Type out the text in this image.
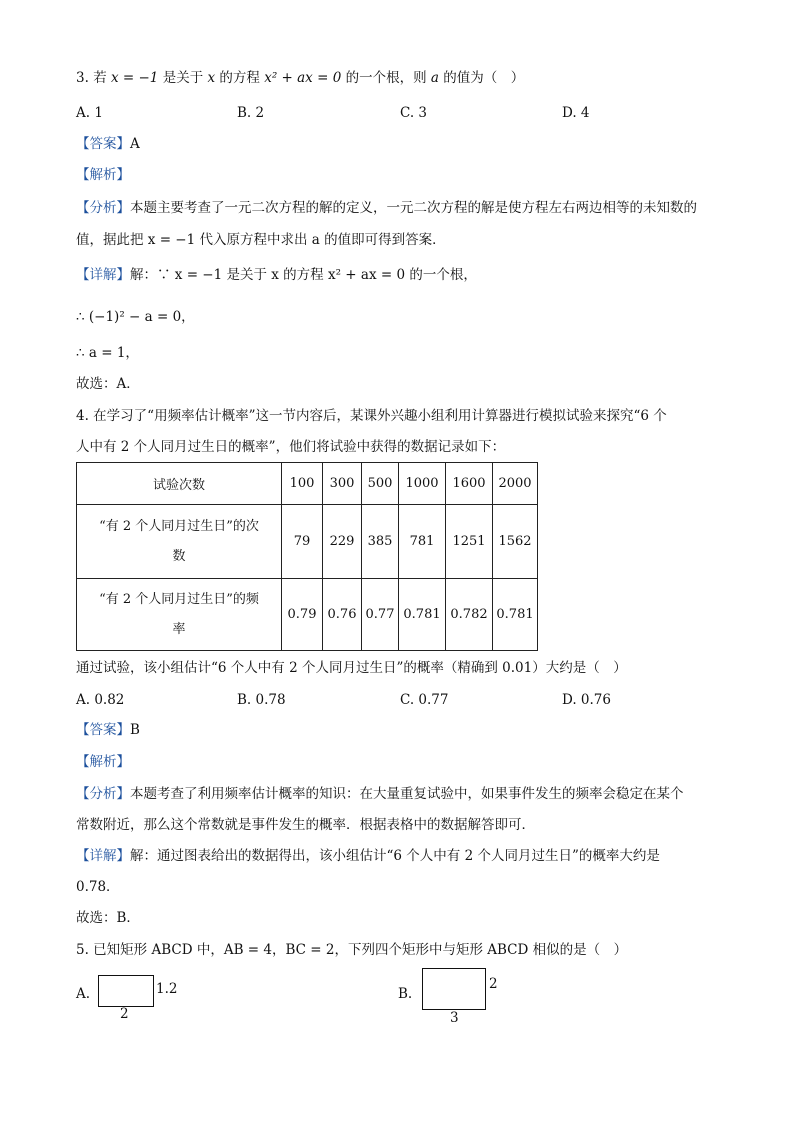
3. 若 x = −1 是关于 x 的方程 x² + ax = 0 的一个根，则 a 的值为（　）
A. 1	B. 2	C. 3	D. 4
【答案】A
【解析】
【分析】本题主要考查了一元二次方程的解的定义，一元二次方程的解是使方程左右两边相等的未知数的
值，据此把 x = −1 代入原方程中求出 a 的值即可得到答案．
【详解】解：∵ x = −1 是关于 x 的方程 x² + ax = 0 的一个根，
∴ (−1)² − a = 0，
∴ a = 1，
故选：A．
4. 在学习了“用频率估计概率”这一节内容后，某课外兴趣小组利用计算器进行模拟试验来探究“6 个
人中有 2 个人同月过生日的概率”，他们将试验中获得的数据记录如下：
试验次数	100	300	500	1000	1600	2000

“有 2 个人同月过生日”的次
数	79	229	385	781	1251	1562

“有 2 个人同月过生日”的频
率	0.79	0.76	0.77	0.781	0.782	0.781
通过试验，该小组估计“6 个人中有 2 个人同月过生日”的概率（精确到 0.01）大约是（　）
A. 0.82	B. 0.78	C. 0.77	D. 0.76
【答案】B
【解析】
【分析】本题考查了利用频率估计概率的知识：在大量重复试验中，如果事件发生的频率会稳定在某个
常数附近，那么这个常数就是事件发生的概率．根据表格中的数据解答即可．
【详解】解：通过图表给出的数据得出，该小组估计“6 个人中有 2 个人同月过生日”的概率大约是
0.78．
故选：B．
5. 已知矩形 ABCD 中，AB = 4，BC = 2，下列四个矩形中与矩形 ABCD 相似的是（　）
A.	1.2
2
B.
2
3
